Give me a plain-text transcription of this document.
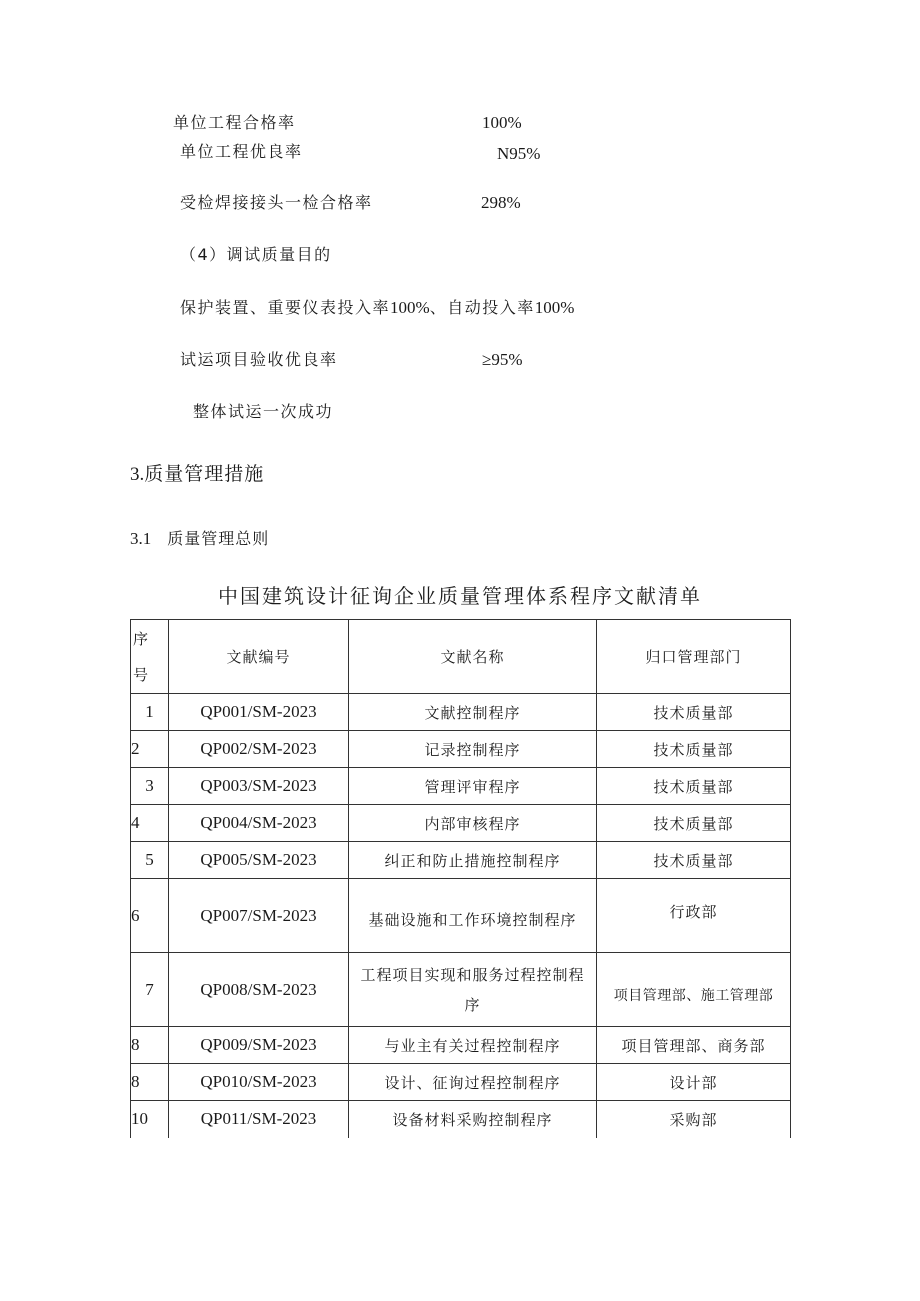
单位工程合格率	100%
单位工程优良率	N95%
受检焊接接头一检合格率	298%
（4）调试质量目的
保护装置、重要仪表投入率100%、自动投入率100%
试运项目验收优良率	≥95%
整体试运一次成功
3.质量管理措施
3.1 质量管理总则
中国建筑设计征询企业质量管理体系程序文献清单
序号	文献编号	文献名称	归口管理部门
1	QP001/SM-2023	文献控制程序	技术质量部
2	QP002/SM-2023	记录控制程序	技术质量部
3	QP003/SM-2023	管理评审程序	技术质量部
4	QP004/SM-2023	内部审核程序	技术质量部
5	QP005/SM-2023	纠正和防止措施控制程序	技术质量部
6	QP007/SM-2023	基础设施和工作环境控制程序	行政部
7	QP008/SM-2023	工程项目实现和服务过程控制程序	项目管理部、施工管理部
8	QP009/SM-2023	与业主有关过程控制程序	项目管理部、商务部
8	QP010/SM-2023	设计、征询过程控制程序	设计部
10	QP011/SM-2023	设备材料采购控制程序	采购部
